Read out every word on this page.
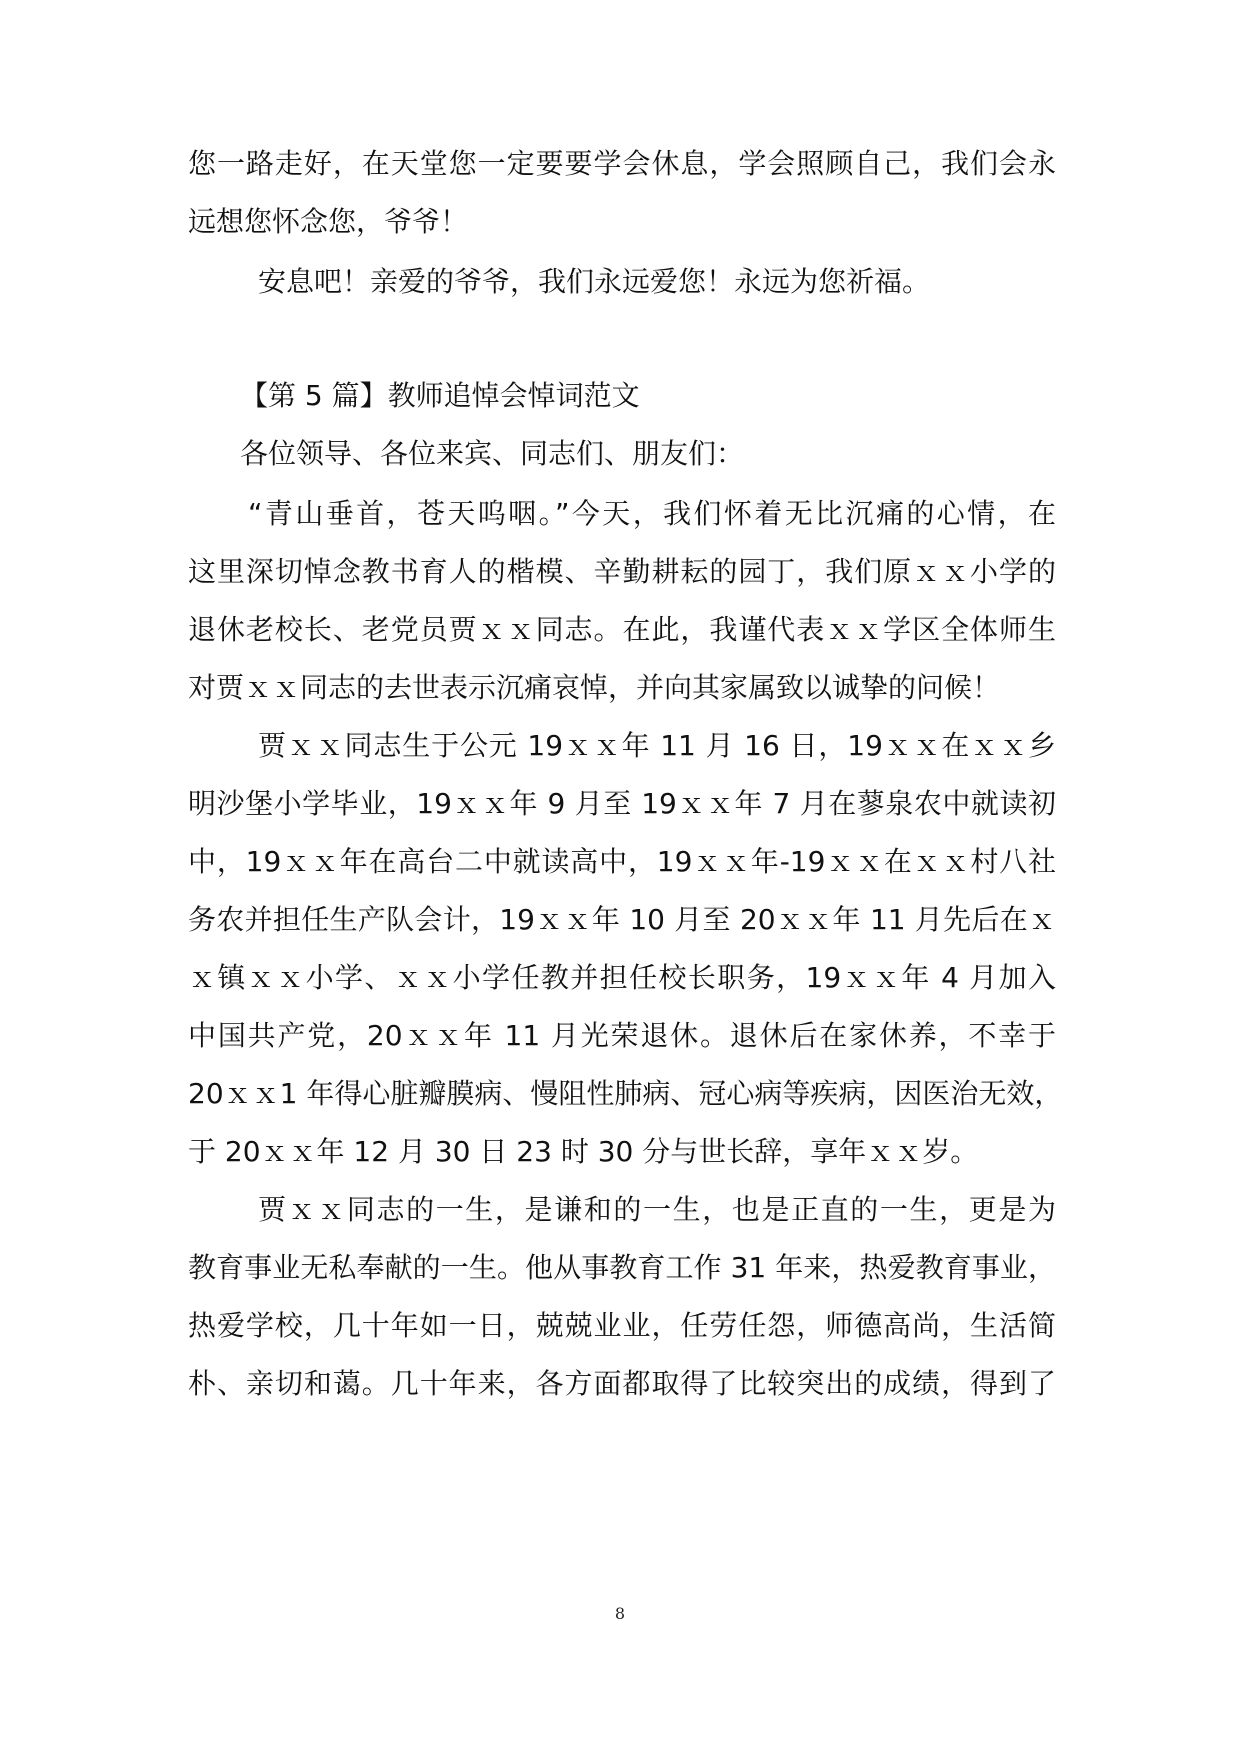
您一路走好，在天堂您一定要要学会休息，学会照顾自己，我们会永

远想您怀念您，爷爷！

安息吧！亲爱的爷爷，我们永远爱您！永远为您祈福。

【第 5 篇】教师追悼会悼词范文

各位领导、各位来宾、同志们、朋友们：

“青山垂首，苍天呜咽。”今天，我们怀着无比沉痛的心情，在

这里深切悼念教书育人的楷模、辛勤耕耘的园丁，我们原ｘｘ小学的

退休老校长、老党员贾ｘｘ同志。在此，我谨代表ｘｘ学区全体师生

对贾ｘｘ同志的去世表示沉痛哀悼，并向其家属致以诚挚的问候！

贾ｘｘ同志生于公元 19ｘｘ年 11 月 16 日，19ｘｘ在ｘｘ乡

明沙堡小学毕业，19ｘｘ年 9 月至 19ｘｘ年 7 月在蓼泉农中就读初

中，19ｘｘ年在高台二中就读高中，19ｘｘ年-19ｘｘ在ｘｘ村八社

务农并担任生产队会计，19ｘｘ年 10 月至 20ｘｘ年 11 月先后在ｘ

ｘ镇ｘｘ小学、ｘｘ小学任教并担任校长职务，19ｘｘ年 4 月加入

中国共产党，20ｘｘ年 11 月光荣退休。退休后在家休养，不幸于

20ｘｘ1 年得心脏瓣膜病、慢阻性肺病、冠心病等疾病，因医治无效，

于 20ｘｘ年 12 月 30 日 23 时 30 分与世长辞，享年ｘｘ岁。

贾ｘｘ同志的一生，是谦和的一生，也是正直的一生，更是为

教育事业无私奉献的一生。他从事教育工作 31 年来，热爱教育事业，

热爱学校，几十年如一日，兢兢业业，任劳任怨，师德高尚，生活简

朴、亲切和蔼。几十年来，各方面都取得了比较突出的成绩，得到了

8
